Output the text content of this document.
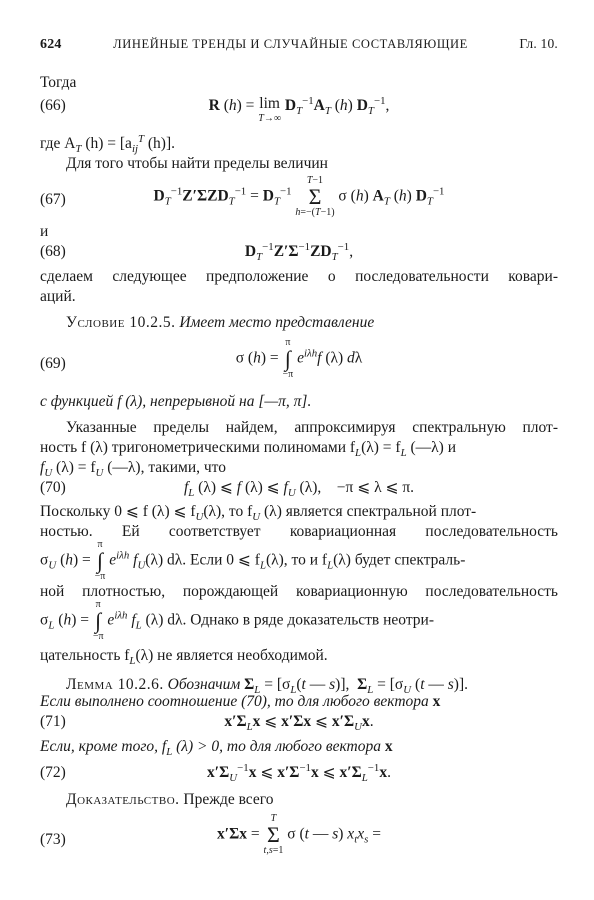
624	ЛИНЕЙНЫЕ ТРЕНДЫ И СЛУЧАЙНЫЕ СОСТАВЛЯЮЩИЕ	Гл. 10.
Тогда
(66)	R (h) = lim
T→∞
$D_T^{-1}A_T$ (h) $D_T^{-1}$,
где $A_T$ $(h) = [a_{ij}^T$ (h)].
Для того чтобы найти пределы величин
(67)	$D_T^{-1}Z'\Sigma ZD_T^{-1} = D_T^{-1}$
T−1
Σ
h=−(T−1)
σ (h) $A_T$ (h) $D_T^{-1}$
и
(68)	$D_T^{-1}Z'\Sigma^{-1}ZD_T^{-1}$,
сделаем следующее предположение о последовательности ковари-
аций.
Условие 10.2.5. Имеет место представление
(69)	σ (h) =
π
∫
−π
$e^{i\lambda h}f$ (λ) dλ
с функцией f (λ), непрерывной на [—π, π].
Указанные пределы найдем, аппроксимируя спектральную плот-
ность f (λ) тригонометрическими полиномами $f_L(\lambda) = f_L$ (—λ) и
$f_U$ $(\lambda) = f_U$ (—λ), такими, что
(70)	$f_L$ (λ) ⩽ f (λ) ⩽ $f_U$ (λ),    −π ⩽ λ ⩽ π.
Поскольку 0 ⩽ f (λ) ⩽ $f_U(\lambda)$, то $f_U$ (λ) является спектральной плот-
ностью. Ей соответствует ковариационная последовательность
$\sigma_U$ (h) =
π
∫
−π
$e^{i\lambda h}$ $f_U(\lambda)$ dλ. Если 0 ⩽ $f_L(\lambda)$, то и $f_L(\lambda)$ будет спектраль-
ной плотностью, порождающей ковариационную последовательность
$\sigma_L$ (h) =
π
∫
−π
$e^{i\lambda h}$ $f_L$ (λ) dλ. Однако в ряде доказательств неотри-
цательность $f_L(\lambda)$ не является необходимой.
Лемма 10.2.6. Обозначим $\Sigma_L = [\sigma_L(t$ — s)],  $\Sigma_L = [\sigma_U$ (t — s)].
Если выполнено соотношение (70), то для любого вектора x
(71)	$x'\Sigma_Lx$ ⩽ x′Σx ⩽ $x'\Sigma_Ux$.
Если, кроме того, $f_L$ (λ) > 0, то для любого вектора x
(72)	$x'\Sigma_U^{-1}x$ ⩽ $x'\Sigma^{-1}x$ ⩽ $x'\Sigma_L^{-1}x$.
Доказательство. Прежде всего
(73)	x′Σx =
T
Σ
t,s=1
σ (t — s) $x_tx_s$ =
